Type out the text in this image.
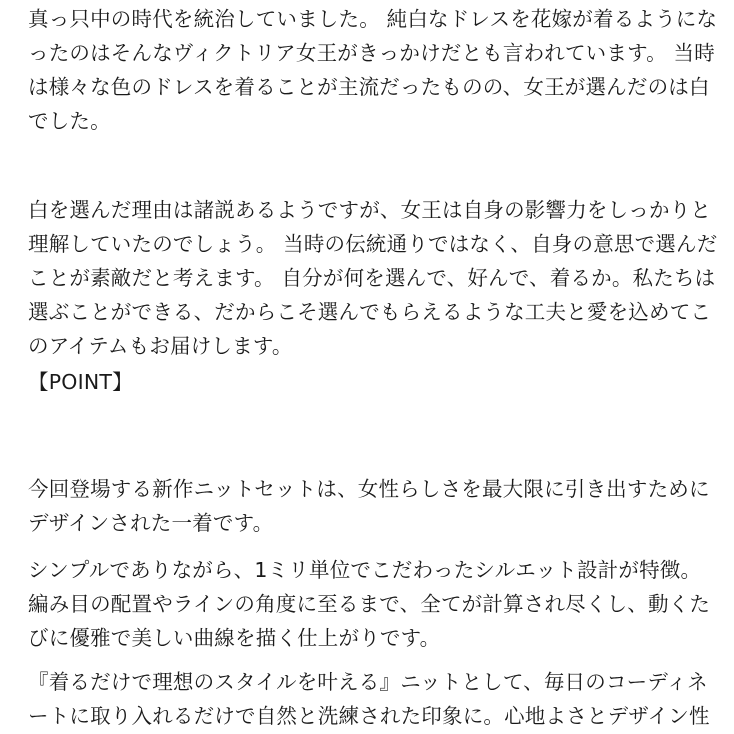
真っ只中の時代を統治していました。 純白なドレスを花嫁が着るようにな
ったのはそんなヴィクトリア女王がきっかけだとも言われています。 当時
は様々な色のドレスを着ることが主流だったものの、女王が選んだのは白
でした。
白を選んだ理由は諸説あるようですが、女王は自身の影響力をしっかりと
理解していたのでしょう。 当時の伝統通りではなく、自身の意思で選んだ
ことが素敵だと考えます。 自分が何を選んで、好んで、着るか。私たちは
選ぶことができる、だからこそ選んでもらえるような工夫と愛を込めてこ
のアイテムもお届けします。
【POINT】
今回登場する新作ニットセットは、女性らしさを最大限に引き出すために
デザインされた一着です。
シンプルでありながら、1ミリ単位でこだわったシルエット設計が特徴。
編み目の配置やラインの角度に至るまで、全てが計算され尽くし、動くた
びに優雅で美しい曲線を描く仕上がりです。
『着るだけで理想のスタイルを叶える』ニットとして、毎日のコーディネ
ートに取り入れるだけで自然と洗練された印象に。心地よさとデザイン性
